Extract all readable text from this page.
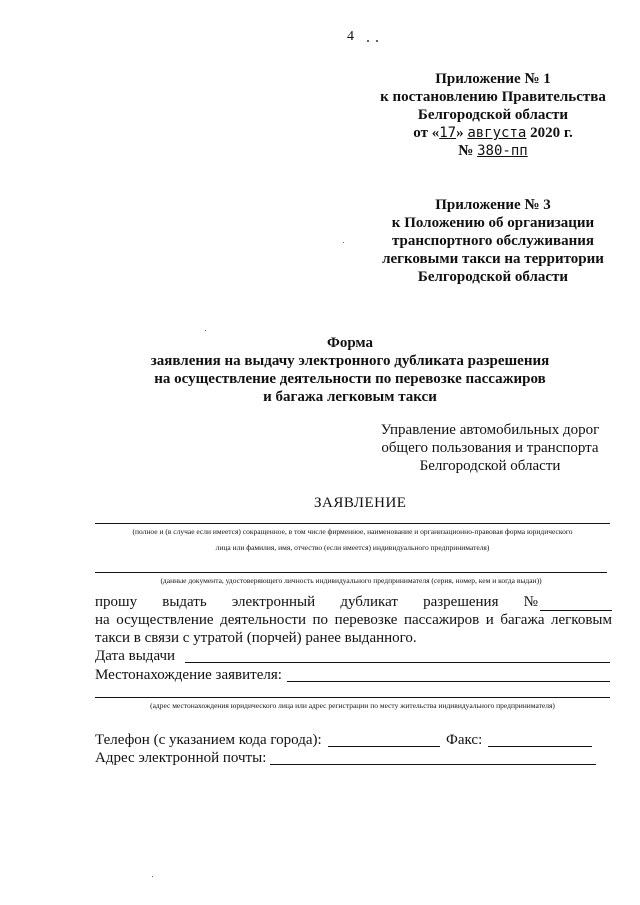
4
Приложение № 1
к постановлению Правительства
Белгородской области
от «17» августа 2020 г.
№ 380-пп
Приложение № 3
к Положению об организации
транспортного обслуживания
легковыми такси на территории
Белгородской области
Форма
заявления на выдачу электронного дубликата разрешения
на осуществление деятельности по перевозке пассажиров
и багажа легковым такси
Управление автомобильных дорог
общего пользования и транспорта
Белгородской области
ЗАЯВЛЕНИЕ
(полное и (в случае если имеется) сокращенное, в том числе фирменное, наименование и организационно-правовая форма юридического
лица или фамилия, имя, отчество (если имеется) индивидуального предпринимателя)
(данные документа, удостоверяющего личность индивидуального предпринимателя (серия, номер, кем и когда выдан))
прошу выдать электронный дубликат разрешения №

на осуществление деятельности по перевозке пассажиров и багажа легковым
такси в связи с утратой (порчей) ранее выданного.
Дата выдачи
Местонахождение заявителя:
(адрес местонахождения юридического лица или адрес регистрации по месту жительства индивидуального предпринимателя)
Телефон (с указанием кода города):	Факс:
Адрес электронной почты:
